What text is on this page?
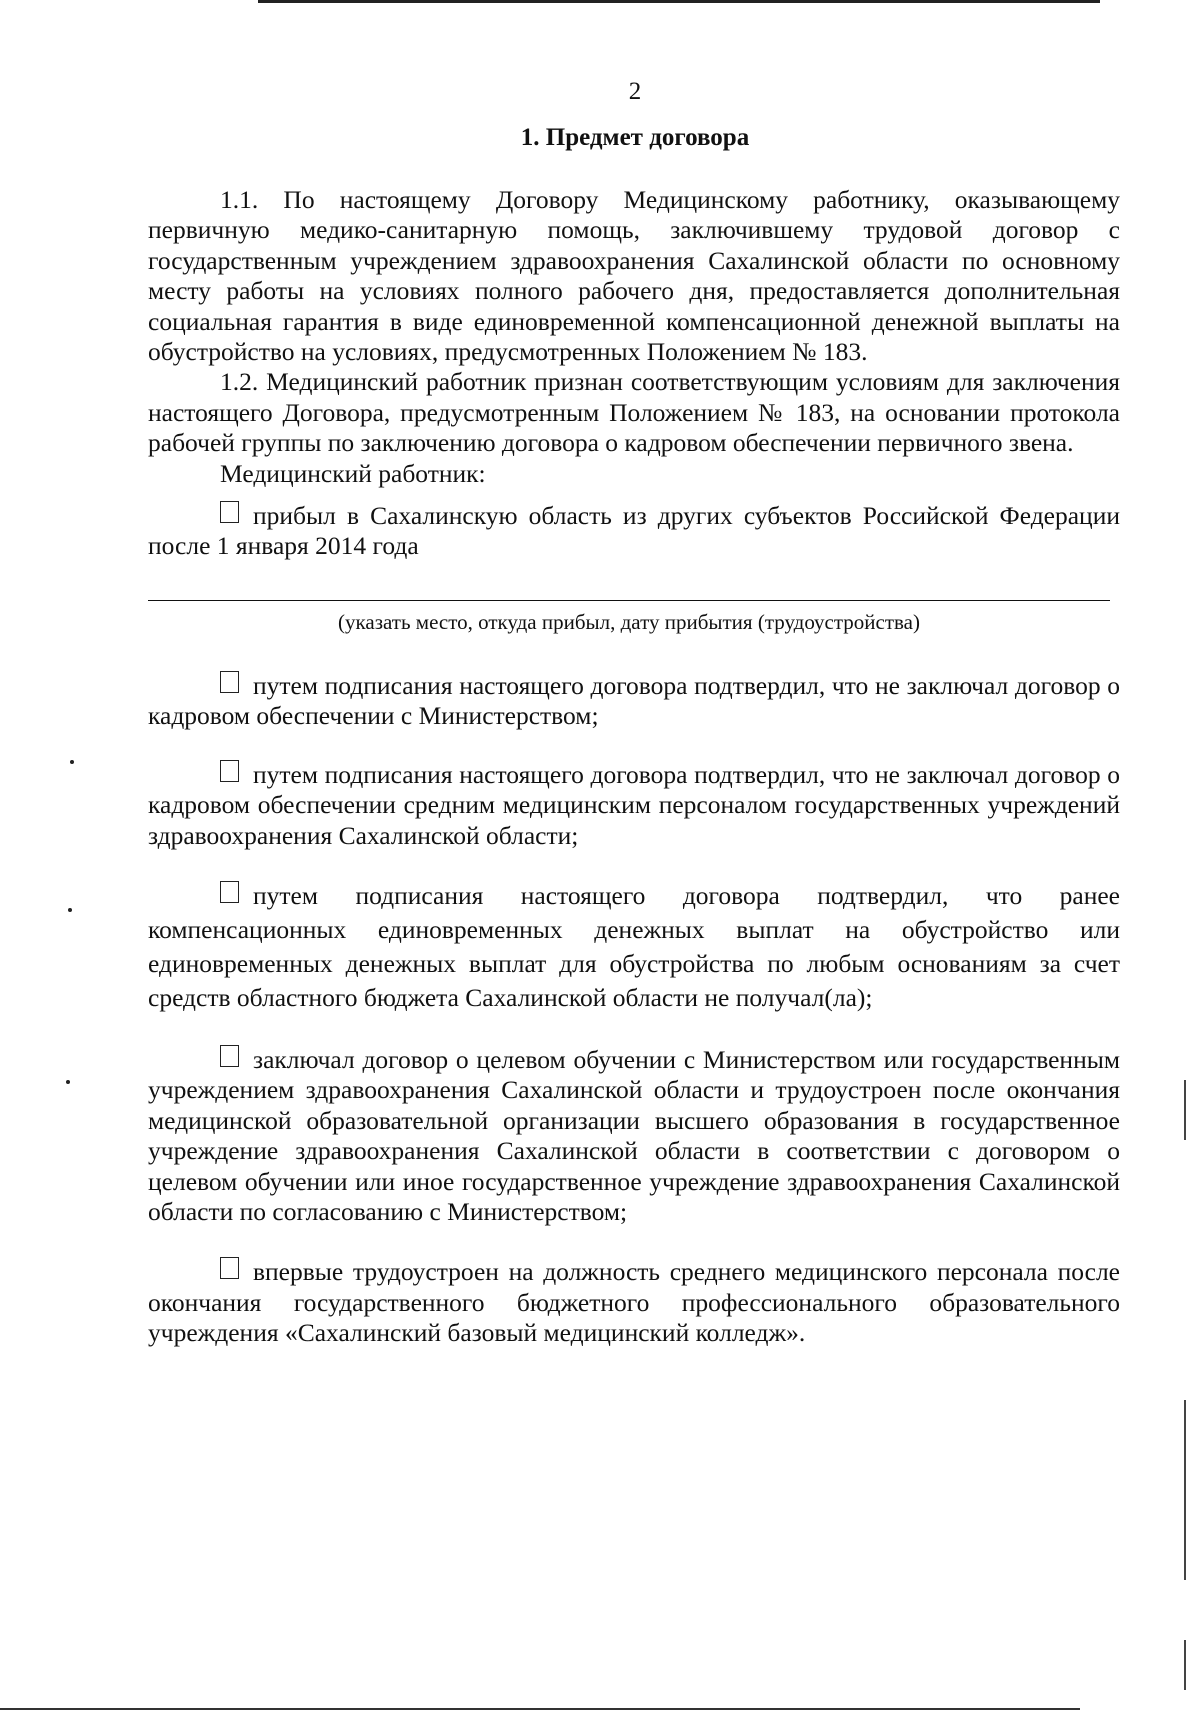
2
1. Предмет договора

1.1. По настоящему Договору Медицинскому работнику, оказывающему первичную медико-санитарную помощь, заключившему трудовой договор с государственным учреждением здравоохранения Сахалинской области по основному месту работы на условиях полного рабочего дня, предоставляется дополнительная социальная гарантия в виде единовременной компенсационной денежной выплаты на обустройство на условиях, предусмотренных Положением № 183.

1.2. Медицинский работник признан соответствующим условиям для заключения настоящего Договора, предусмотренным Положением № 183, на основании протокола рабочей группы по заключению договора о кадровом обеспечении первичного звена.

Медицинский работник:

прибыл в Сахалинскую область из других субъектов Российской Федерации после 1 января 2014 года

(указать место, откуда прибыл, дату прибытия (трудоустройства)

путем подписания настоящего договора подтвердил, что не заключал договор о кадровом обеспечении с Министерством;

путем подписания настоящего договора подтвердил, что не заключал договор о кадровом обеспечении средним медицинским персоналом государственных учреждений здравоохранения Сахалинской области;

путем подписания настоящего договора подтвердил, что ранее компенсационных единовременных денежных выплат на обустройство или единовременных денежных выплат для обустройства по любым основаниям за счет средств областного бюджета Сахалинской области не получал(ла);

заключал договор о целевом обучении с Министерством или государственным учреждением здравоохранения Сахалинской области и трудоустроен после окончания медицинской образовательной организации высшего образования в государственное учреждение здравоохранения Сахалинской области в соответствии с договором о целевом обучении или иное государственное учреждение здравоохранения Сахалинской области по согласованию с Министерством;

впервые трудоустроен на должность среднего медицинского персонала после окончания государственного бюджетного профессионального образовательного учреждения «Сахалинский базовый медицинский колледж».
